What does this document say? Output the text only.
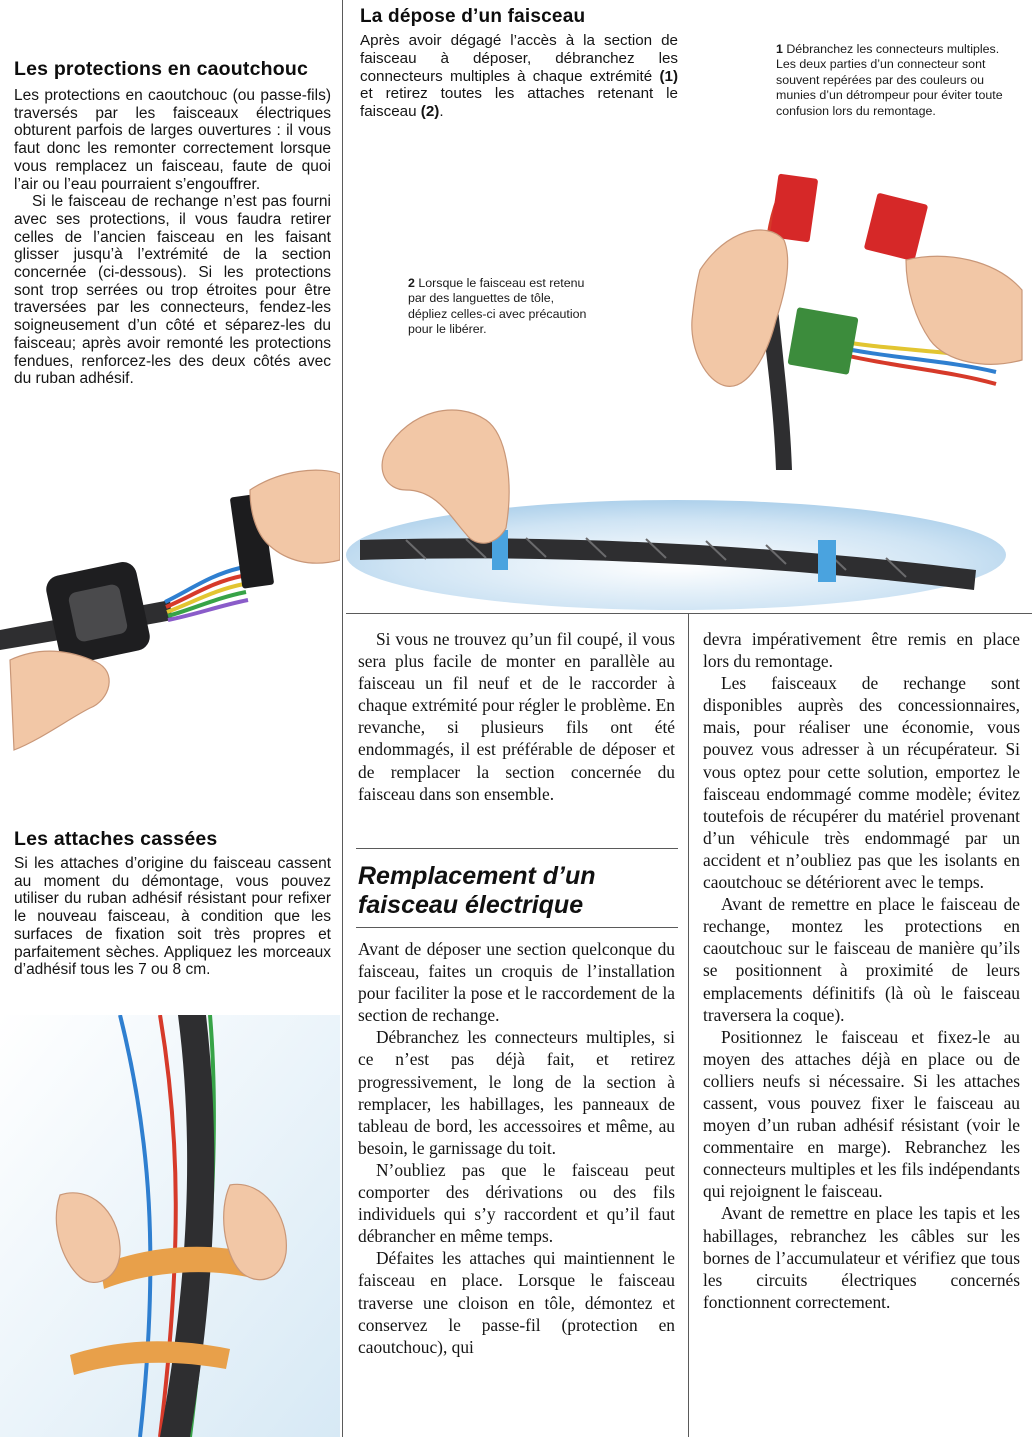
Les protections en caoutchouc

Les protections en caoutchouc (ou passe-fils) traversés par les faisceaux électriques obturent parfois de larges ouvertures : il vous faut donc les remonter correctement lorsque vous remplacez un faisceau, faute de quoi l’air ou l’eau pourraient s’engouffrer.

Si le faisceau de rechange n’est pas fourni avec ses protections, il vous faudra retirer celles de l’ancien faisceau en les faisant glisser jusqu’à l’extrémité de la section concernée (ci-dessous). Si les protections sont trop serrées ou trop étroites pour être traversées par les connecteurs, fendez-les soigneusement d’un côté et séparez-les du faisceau; après avoir remonté les protections fendues, renforcez-les des deux côtés avec du ruban adhésif.

Les attaches cassées

Si les attaches d’origine du faisceau cassent au moment du démontage, vous pouvez utiliser du ruban adhésif résistant pour refixer le nouveau faisceau, à condition que les surfaces de fixation soit très propres et parfaitement sèches. Appliquez les morceaux d’adhésif tous les 7 ou 8 cm.

La dépose d’un faisceau

Après avoir dégagé l’accès à la section de faisceau à déposer, débranchez les connecteurs multiples à chaque extrémité (1) et retirez toutes les attaches retenant le faisceau (2).

1 Débranchez les connecteurs multiples. Les deux parties d’un connecteur sont souvent repérées par des couleurs ou munies d’un détrompeur pour éviter toute confusion lors du remontage.

2 Lorsque le faisceau est retenu par des languettes de tôle, dépliez celles-ci avec précaution pour le libérer.

Si vous ne trouvez qu’un fil coupé, il vous sera plus facile de monter en parallèle au faisceau un fil neuf et de le raccorder à chaque extrémité pour régler le problème. En revanche, si plusieurs fils ont été endommagés, il est préférable de déposer et de remplacer la section concernée du faisceau dans son ensemble.

Remplacement d’un faisceau électrique

Avant de déposer une section quelconque du faisceau, faites un croquis de l’installation pour faciliter la pose et le raccordement de la section de rechange.

Débranchez les connecteurs multiples, si ce n’est pas déjà fait, et retirez progressivement, le long de la section à remplacer, les habillages, les panneaux de tableau de bord, les accessoires et même, au besoin, le garnissage du toit.

N’oubliez pas que le faisceau peut comporter des dérivations ou des fils individuels qui s’y raccordent et qu’il faut débrancher en même temps.

Défaites les attaches qui maintiennent le faisceau en place. Lorsque le faisceau traverse une cloison en tôle, démontez et conservez le passe-fil (protection en caoutchouc), qui

devra impérativement être remis en place lors du remontage.

Les faisceaux de rechange sont disponibles auprès des concessionnaires, mais, pour réaliser une économie, vous pouvez vous adresser à un récupérateur. Si vous optez pour cette solution, emportez le faisceau endommagé comme modèle; évitez toutefois de récupérer du matériel provenant d’un véhicule très endommagé par un accident et n’oubliez pas que les isolants en caoutchouc se détériorent avec le temps.

Avant de remettre en place le faisceau de rechange, montez les protections en caoutchouc sur le faisceau de manière qu’ils se positionnent à proximité de leurs emplacements définitifs (là où le faisceau traversera la coque).

Positionnez le faisceau et fixez-le au moyen des attaches déjà en place ou de colliers neufs si nécessaire. Si les attaches cassent, vous pouvez fixer le faisceau au moyen d’un ruban adhésif résistant (voir le commentaire en marge). Rebranchez les connecteurs multiples et les fils indépendants qui rejoignent le faisceau.

Avant de remettre en place les tapis et les habillages, rebranchez les câbles sur les bornes de l’accumulateur et vérifiez que tous les circuits électriques concernés fonctionnent correctement.
